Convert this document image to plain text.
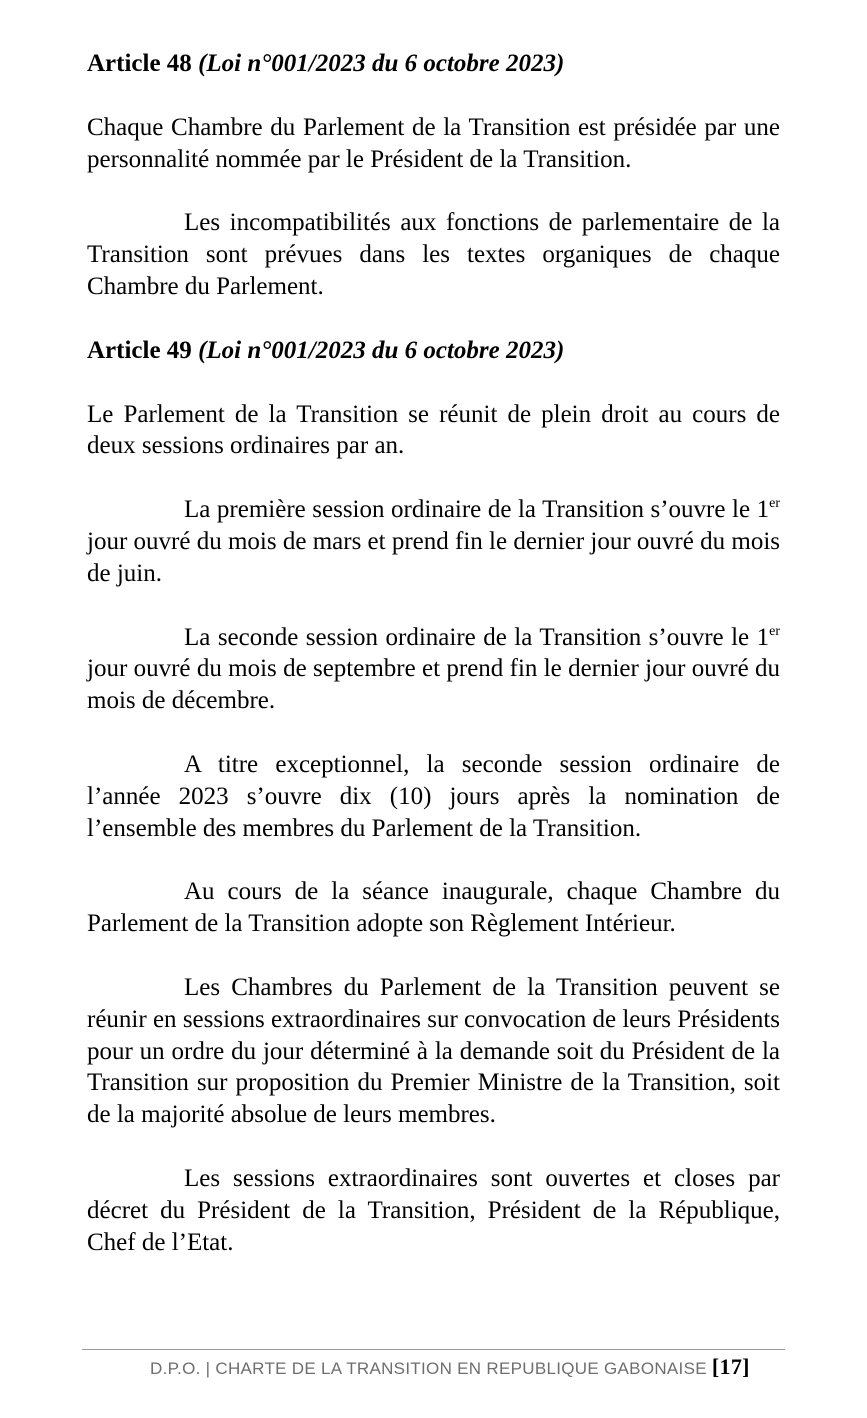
Article 48 (Loi n°001/2023 du 6 octobre 2023)

Chaque Chambre du Parlement de la Transition est présidée par une personnalité nommée par le Président de la Transition.

Les incompatibilités aux fonctions de parlementaire de la Transition sont prévues dans les textes organiques de chaque Chambre du Parlement.

Article 49 (Loi n°001/2023 du 6 octobre 2023)

Le Parlement de la Transition se réunit de plein droit au cours de deux sessions ordinaires par an.

La première session ordinaire de la Transition s’ouvre le 1er jour ouvré du mois de mars et prend fin le dernier jour ouvré du mois de juin.

La seconde session ordinaire de la Transition s’ouvre le 1er jour ouvré du mois de septembre et prend fin le dernier jour ouvré du mois de décembre.

A titre exceptionnel, la seconde session ordinaire de l’année 2023 s’ouvre dix (10) jours après la nomination de l’ensemble des membres du Parlement de la Transition.

Au cours de la séance inaugurale, chaque Chambre du Parlement de la Transition adopte son Règlement Intérieur.

Les Chambres du Parlement de la Transition peuvent se réunir en sessions extraordinaires sur convocation de leurs Présidents pour un ordre du jour déterminé à la demande soit du Président de la Transition sur proposition du Premier Ministre de la Transition, soit de la majorité absolue de leurs membres.

Les sessions extraordinaires sont ouvertes et closes par décret du Président de la Transition, Président de la République, Chef de l’Etat.

D.P.O. | CHARTE DE LA TRANSITION EN REPUBLIQUE GABONAISE [17]
